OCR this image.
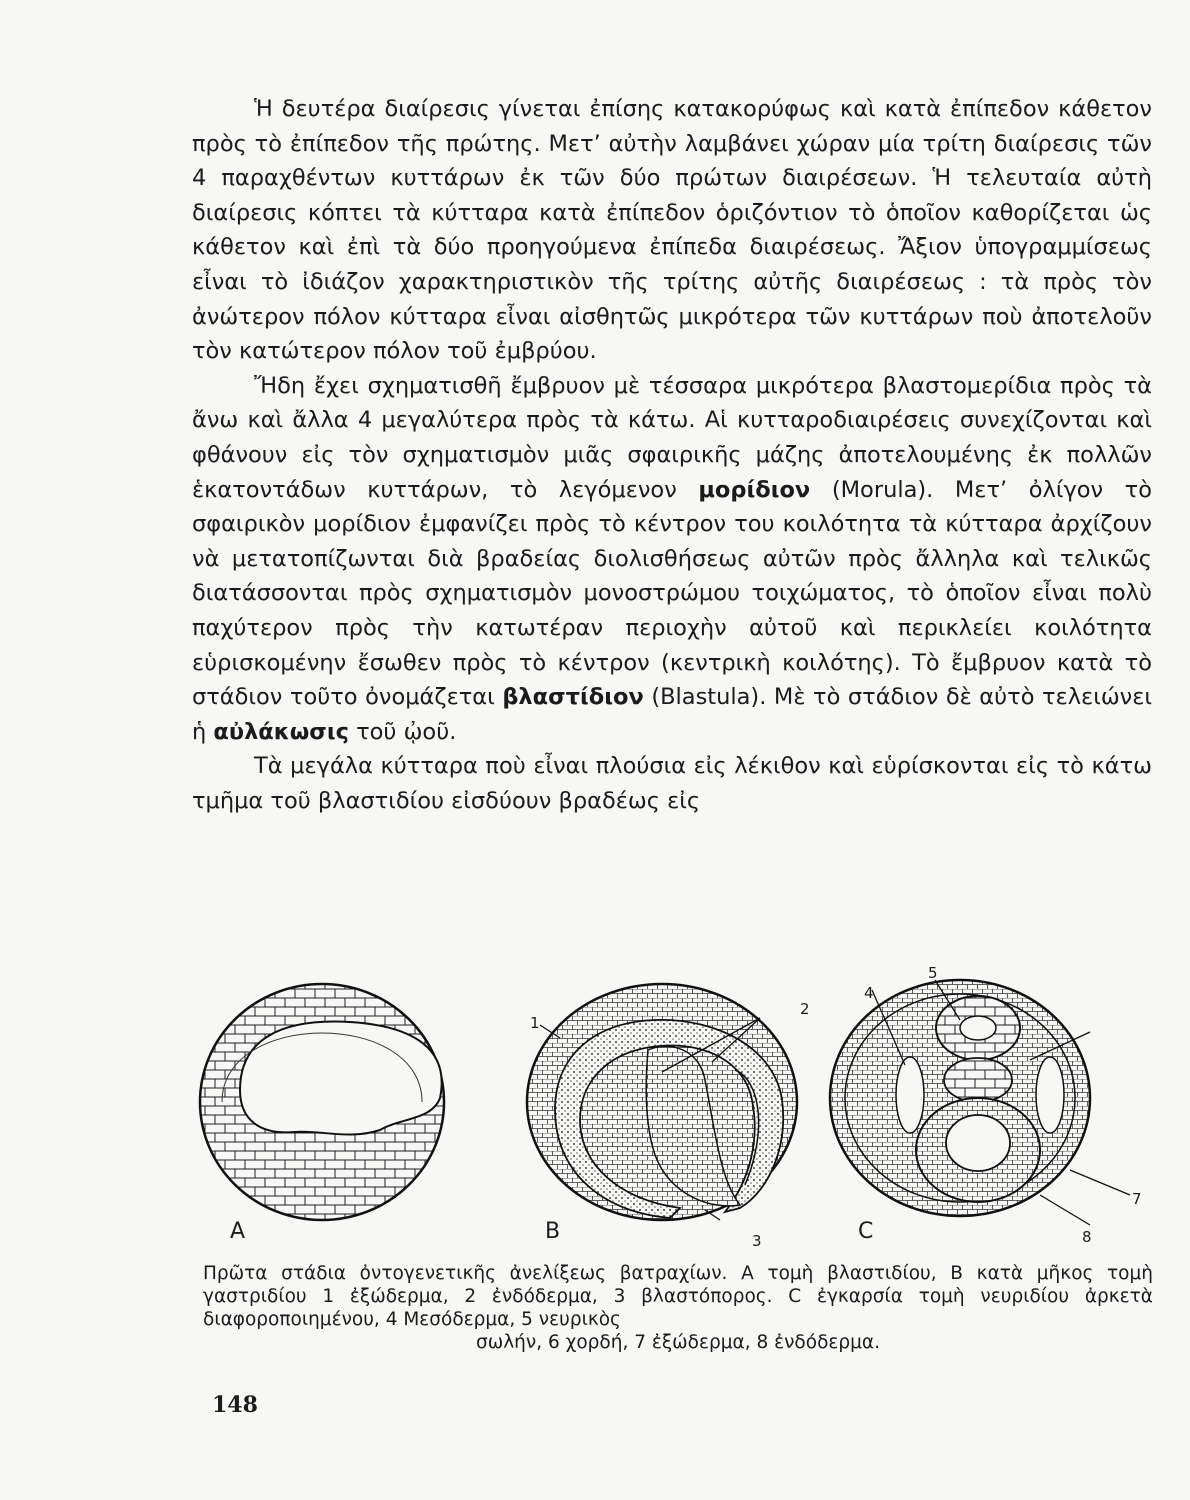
Ἡ δευτέρα διαίρεσις γίνεται ἐπίσης κατακορύφως καὶ κατὰ ἐπίπεδον κάθετον πρὸς τὸ ἐπίπεδον τῆς πρώτης. Μετ’ αὐτὴν λαμβάνει χώραν μία τρίτη διαίρεσις τῶν 4 παραχθέντων κυττάρων ἐκ τῶν δύο πρώτων διαιρέσεων. Ἡ τελευταία αὐτὴ διαίρεσις κόπτει τὰ κύτταρα κατὰ ἐπίπεδον ὁριζόντιον τὸ ὁποῖον καθορίζεται ὡς κάθετον καὶ ἐπὶ τὰ δύο προηγούμενα ἐπίπεδα διαιρέσεως. Ἄξιον ὑπογραμμίσεως εἶναι τὸ ἰδιάζον χαρακτηριστικὸν τῆς τρίτης αὐτῆς διαιρέσεως : τὰ πρὸς τὸν ἀνώτερον πόλον κύτταρα εἶναι αἰσθητῶς μικρότερα τῶν κυττάρων ποὺ ἀποτελοῦν τὸν κατώτερον πόλον τοῦ ἐμβρύου.

Ἤδη ἔχει σχηματισθῆ ἔμβρυον μὲ τέσσαρα μικρότερα βλαστομερίδια πρὸς τὰ ἄνω καὶ ἄλλα 4 μεγαλύτερα πρὸς τὰ κάτω. Αἱ κυτταροδιαιρέσεις συνεχίζονται καὶ φθάνουν εἰς τὸν σχηματισμὸν μιᾶς σφαιρικῆς μάζης ἀποτελουμένης ἐκ πολλῶν ἑκατοντάδων κυττάρων, τὸ λεγόμενον μορίδιον (Morula). Μετ’ ὀλίγον τὸ σφαιρικὸν μορίδιον ἐμφανίζει πρὸς τὸ κέντρον του κοιλότητα τὰ κύτταρα ἀρχίζουν νὰ μετατοπίζωνται διὰ βραδείας διολισθήσεως αὐτῶν πρὸς ἄλληλα καὶ τελικῶς διατάσσονται πρὸς σχηματισμὸν μονοστρώμου τοιχώματος, τὸ ὁποῖον εἶναι πολὺ παχύτερον πρὸς τὴν κατωτέραν περιοχὴν αὐτοῦ καὶ περικλείει κοιλότητα εὑρισκομένην ἔσωθεν πρὸς τὸ κέντρον (κεντρικὴ κοιλότης). Τὸ ἔμβρυον κατὰ τὸ στάδιον τοῦτο ὀνομάζεται βλαστίδιον (Blastula). Μὲ τὸ στάδιον δὲ αὐτὸ τελειώνει ἡ αὐλάκωσις τοῦ ᾠοῦ.

Τὰ μεγάλα κύτταρα ποὺ εἶναι πλούσια εἰς λέκιθον καὶ εὑρίσκονται εἰς τὸ κάτω τμῆμα τοῦ βλαστιδίου εἰσδύουν βραδέως εἰς

A	B	C
1
2
3
4
5
7
8
Πρῶτα στάδια ὀντογενετικῆς ἀνελίξεως βατραχίων. Α τομὴ βλαστιδίου, Β κατὰ μῆκος τομὴ γαστριδίου 1 ἐξώδερμα, 2 ἐνδόδερμα, 3 βλαστόπορος. C ἐγκαρσία τομὴ νευριδίου ἀρκετὰ διαφοροποιημένου, 4 Μεσόδερμα, 5 νευρικὸς
σωλήν, 6 χορδή, 7 ἐξώδερμα, 8 ἐνδόδερμα.
148
